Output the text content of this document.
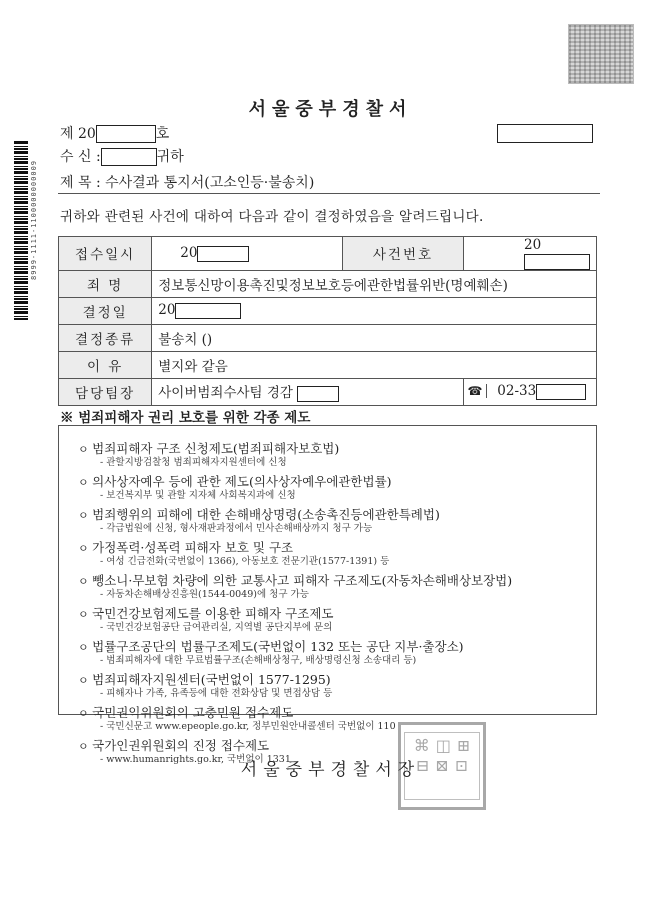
8999-1111-1100000000009
서울중부경찰서
제 20	호
수 신 :	귀하
제 목 : 수사결과 통지서(고소인등·불송치)
귀하와 관련된 사건에 대하여 다음과 같이 결정하였음을 알려드립니다.
접수일시	20	사건번호	20
죄 명	정보통신망이용촉진및정보보호등에관한법률위반(명예훼손)		
결정일	20		
결정종류	불송치 ()		
이 유	별지와 같음		
담당팀장	사이버범죄수사팀 경감		☎ 02-33
※ 범죄피해자 권리 보호를 위한 각종 제도
ㅇ 범죄피해자 구조 신청제도(범죄피해자보호법)
- 관할지방검찰청 범죄피해자지원센터에 신청
ㅇ 의사상자예우 등에 관한 제도(의사상자예우에관한법률)
- 보건복지부 및 관할 지자체 사회복지과에 신청
ㅇ 범죄행위의 피해에 대한 손해배상명령(소송촉진등에관한특례법)
- 각급법원에 신청, 형사재판과정에서 민사손해배상까지 청구 가능
ㅇ 가정폭력·성폭력 피해자 보호 및 구조
- 여성 긴급전화(국번없이 1366), 아동보호 전문기관(1577-1391) 등
ㅇ 뺑소니·무보험 차량에 의한 교통사고 피해자 구조제도(자동차손해배상보장법)
- 자동차손해배상진흥원(1544-0049)에 청구 가능
ㅇ 국민건강보험제도를 이용한 피해자 구조제도
- 국민건강보험공단 급여관리실, 지역별 공단지부에 문의
ㅇ 법률구조공단의 법률구조제도(국번없이 132 또는 공단 지부·출장소)
- 범죄피해자에 대한 무료법률구조(손해배상청구, 배상명령신청 소송대리 등)
ㅇ 범죄피해자지원센터(국번없이 1577-1295)
- 피해자나 가족, 유족등에 대한 전화상담 및 면접상담 등
ㅇ 국민권익위원회의 고충민원 접수제도
- 국민신문고 www.epeople.go.kr, 정부민원안내콜센터 국번없이 110
ㅇ 국가인권위원회의 진정 접수제도
- www.humanrights.go.kr, 국번없이 1331
⌘ ◫ ⊞
⊟ ⊠ ⊡
서울중부경찰서장
